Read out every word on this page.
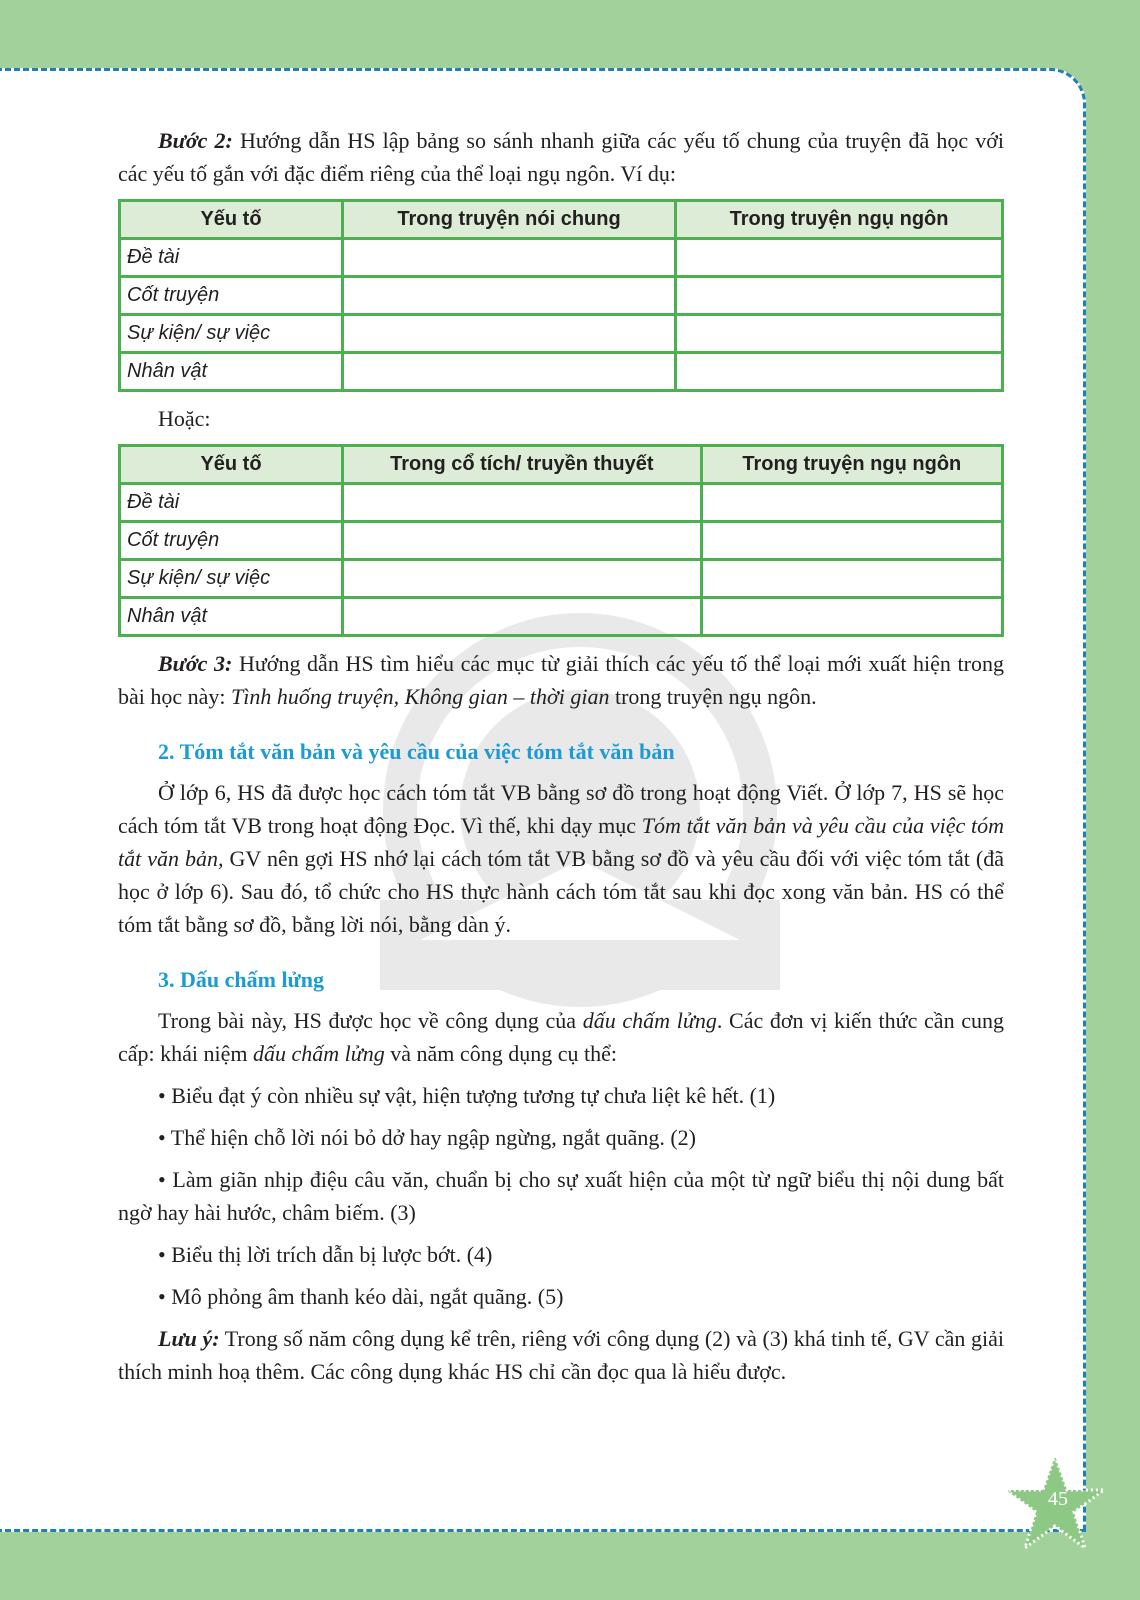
Bước 2: Hướng dẫn HS lập bảng so sánh nhanh giữa các yếu tố chung của truyện đã học với các yếu tố gắn với đặc điểm riêng của thể loại ngụ ngôn. Ví dụ:

Yếu tố	Trong truyện nói chung	Trong truyện ngụ ngôn
Đề tài		
Cốt truyện		
Sự kiện/ sự việc		
Nhân vật		

Hoặc:

Yếu tố	Trong cổ tích/ truyền thuyết	Trong truyện ngụ ngôn
Đề tài		
Cốt truyện		
Sự kiện/ sự việc		
Nhân vật		

Bước 3: Hướng dẫn HS tìm hiểu các mục từ giải thích các yếu tố thể loại mới xuất hiện trong bài học này: Tình huống truyện, Không gian – thời gian trong truyện ngụ ngôn.

2. Tóm tắt văn bản và yêu cầu của việc tóm tắt văn bản

Ở lớp 6, HS đã được học cách tóm tắt VB bằng sơ đồ trong hoạt động Viết. Ở lớp 7, HS sẽ học cách tóm tắt VB trong hoạt động Đọc. Vì thế, khi dạy mục Tóm tắt văn bản và yêu cầu của việc tóm tắt văn bản, GV nên gợi HS nhớ lại cách tóm tắt VB bằng sơ đồ và yêu cầu đối với việc tóm tắt (đã học ở lớp 6). Sau đó, tổ chức cho HS thực hành cách tóm tắt sau khi đọc xong văn bản. HS có thể tóm tắt bằng sơ đồ, bằng lời nói, bằng dàn ý.

3. Dấu chấm lửng

Trong bài này, HS được học về công dụng của dấu chấm lửng. Các đơn vị kiến thức cần cung cấp: khái niệm dấu chấm lửng và năm công dụng cụ thể:

• Biểu đạt ý còn nhiều sự vật, hiện tượng tương tự chưa liệt kê hết. (1)

• Thể hiện chỗ lời nói bỏ dở hay ngập ngừng, ngắt quãng. (2)

• Làm giãn nhịp điệu câu văn, chuẩn bị cho sự xuất hiện của một từ ngữ biểu thị nội dung bất ngờ hay hài hước, châm biếm. (3)

• Biểu thị lời trích dẫn bị lược bớt. (4)

• Mô phỏng âm thanh kéo dài, ngắt quãng. (5)

Lưu ý: Trong số năm công dụng kể trên, riêng với công dụng (2) và (3) khá tinh tế, GV cần giải thích minh hoạ thêm. Các công dụng khác HS chỉ cần đọc qua là hiểu được.

45
